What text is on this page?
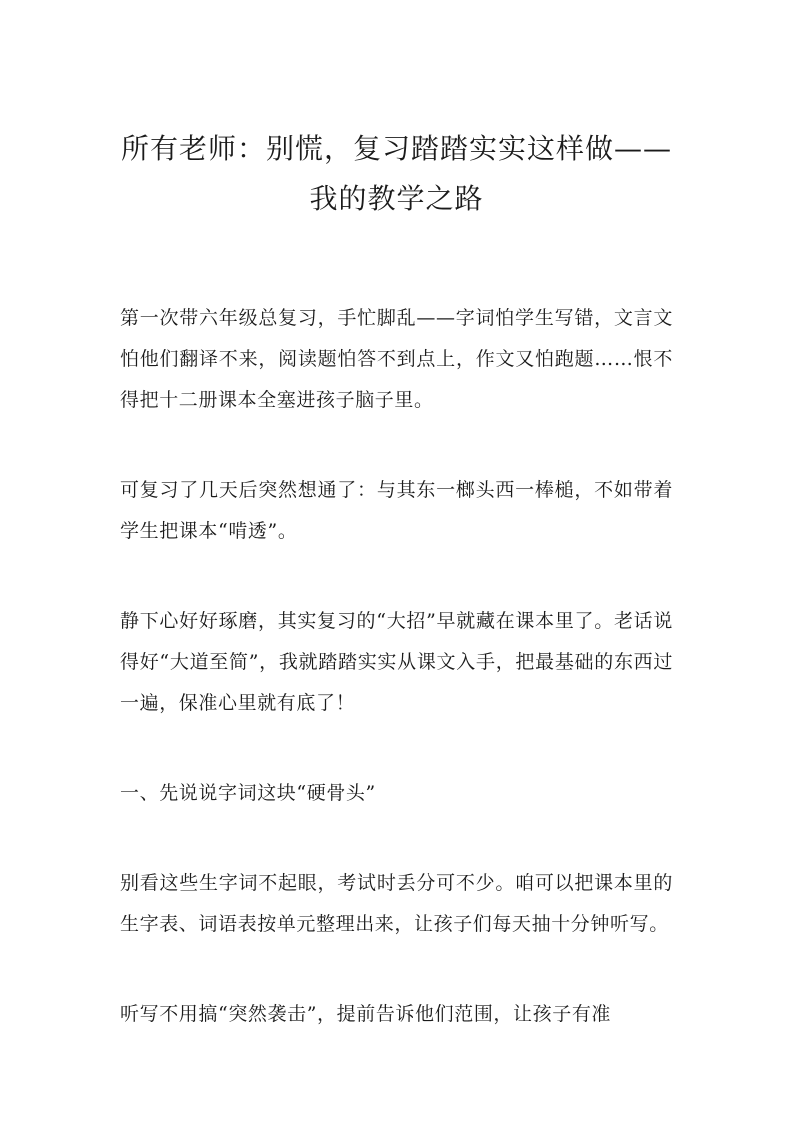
所有老师：别慌，复习踏踏实实这样做——
我的教学之路

第一次带六年级总复习，手忙脚乱——字词怕学生写错，文言文怕他们翻译不来，阅读题怕答不到点上，作文又怕跑题……恨不得把十二册课本全塞进孩子脑子里。

可复习了几天后突然想通了：与其东一榔头西一棒槌，不如带着学生把课本“啃透”。

静下心好好琢磨，其实复习的“大招”早就藏在课本里了。老话说得好“大道至简”，我就踏踏实实从课文入手，把最基础的东西过一遍，保准心里就有底了！

一、先说说字词这块“硬骨头”

别看这些生字词不起眼，考试时丢分可不少。咱可以把课本里的生字表、词语表按单元整理出来，让孩子们每天抽十分钟听写。

听写不用搞“突然袭击”，提前告诉他们范围，让孩子有准
